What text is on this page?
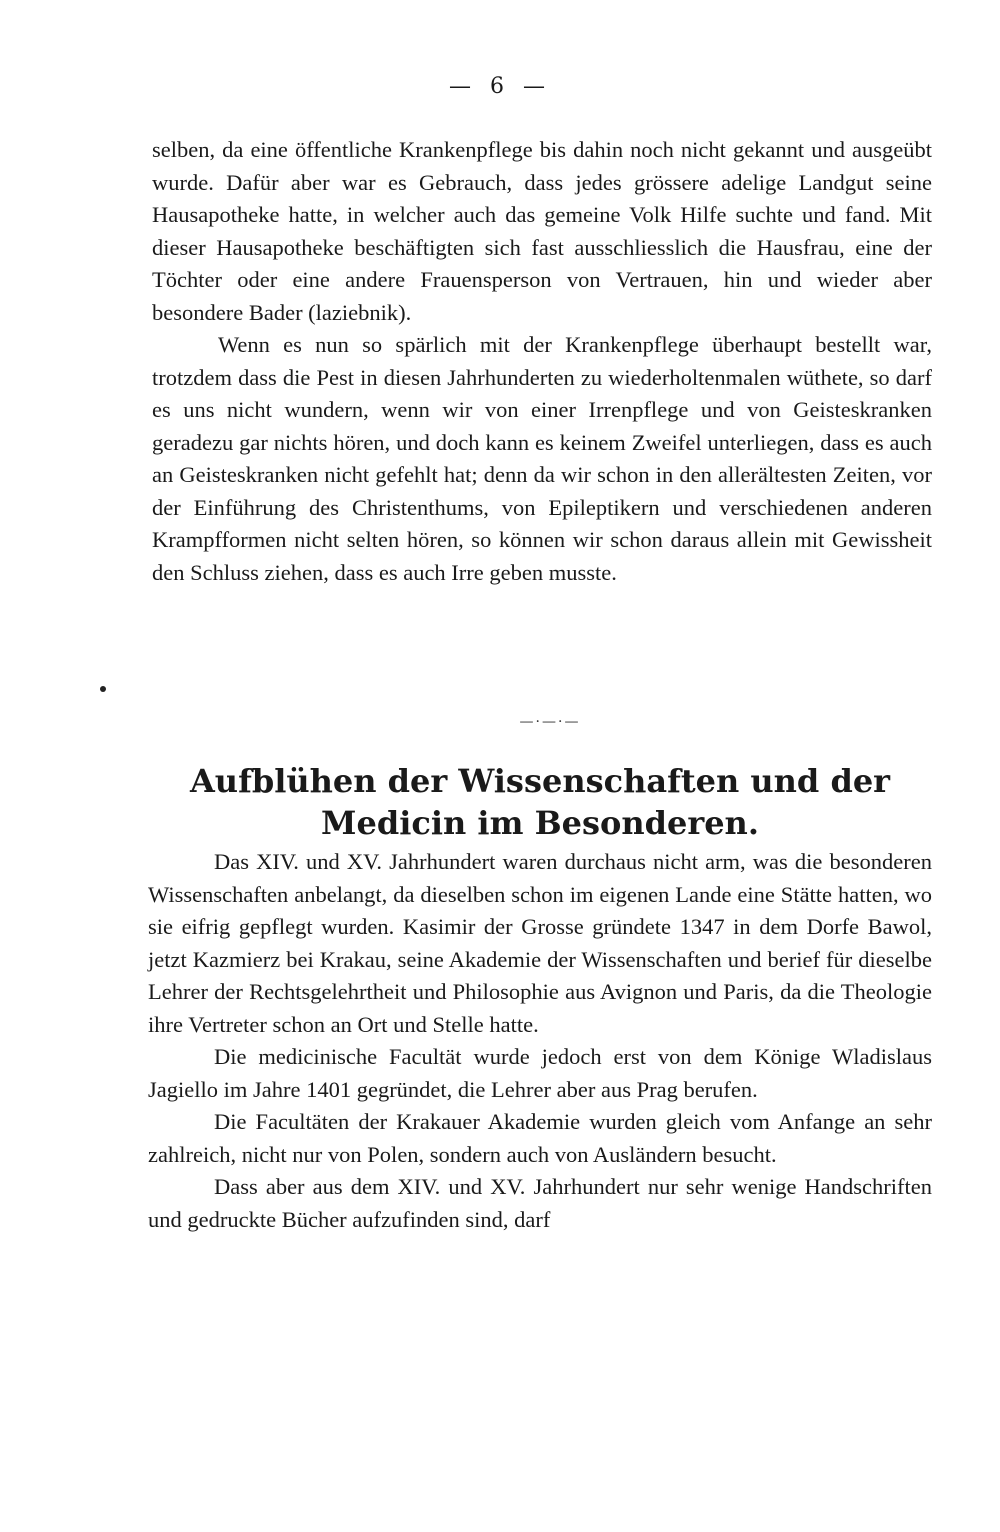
— 6 —

selben, da eine öffentliche Krankenpflege bis dahin noch nicht gekannt und ausgeübt wurde. Dafür aber war es Gebrauch, dass jedes grössere adelige Landgut seine Hausapotheke hatte, in welcher auch das gemeine Volk Hilfe suchte und fand. Mit dieser Hausapotheke beschäftigten sich fast ausschliesslich die Hausfrau, eine der Töchter oder eine andere Frauensperson von Vertrauen, hin und wieder aber besondere Bader (laziebnik).

Wenn es nun so spärlich mit der Krankenpflege überhaupt bestellt war, trotzdem dass die Pest in diesen Jahrhunderten zu wiederholtenmalen wüthete, so darf es uns nicht wundern, wenn wir von einer Irrenpflege und von Geisteskranken geradezu gar nichts hören, und doch kann es keinem Zweifel unterliegen, dass es auch an Geisteskranken nicht gefehlt hat; denn da wir schon in den allerältesten Zeiten, vor der Einführung des Christenthums, von Epileptikern und verschiedenen anderen Krampfformen nicht selten hören, so können wir schon daraus allein mit Gewissheit den Schluss ziehen, dass es auch Irre geben musste.

—·—·—
Aufblühen der Wissenschaften und der Medicin im Besonderen.

Das XIV. und XV. Jahrhundert waren durchaus nicht arm, was die besonderen Wissenschaften anbelangt, da dieselben schon im eigenen Lande eine Stätte hatten, wo sie eifrig gepflegt wurden. Kasimir der Grosse gründete 1347 in dem Dorfe Bawol, jetzt Kazmierz bei Krakau, seine Akademie der Wissenschaften und berief für dieselbe Lehrer der Rechtsgelehrtheit und Philosophie aus Avignon und Paris, da die Theologie ihre Vertreter schon an Ort und Stelle hatte.

Die medicinische Facultät wurde jedoch erst von dem Könige Wladislaus Jagiello im Jahre 1401 gegründet, die Lehrer aber aus Prag berufen.

Die Facultäten der Krakauer Akademie wurden gleich vom Anfange an sehr zahlreich, nicht nur von Polen, sondern auch von Ausländern besucht.

Dass aber aus dem XIV. und XV. Jahrhundert nur sehr wenige Handschriften und gedruckte Bücher aufzufinden sind, darf
